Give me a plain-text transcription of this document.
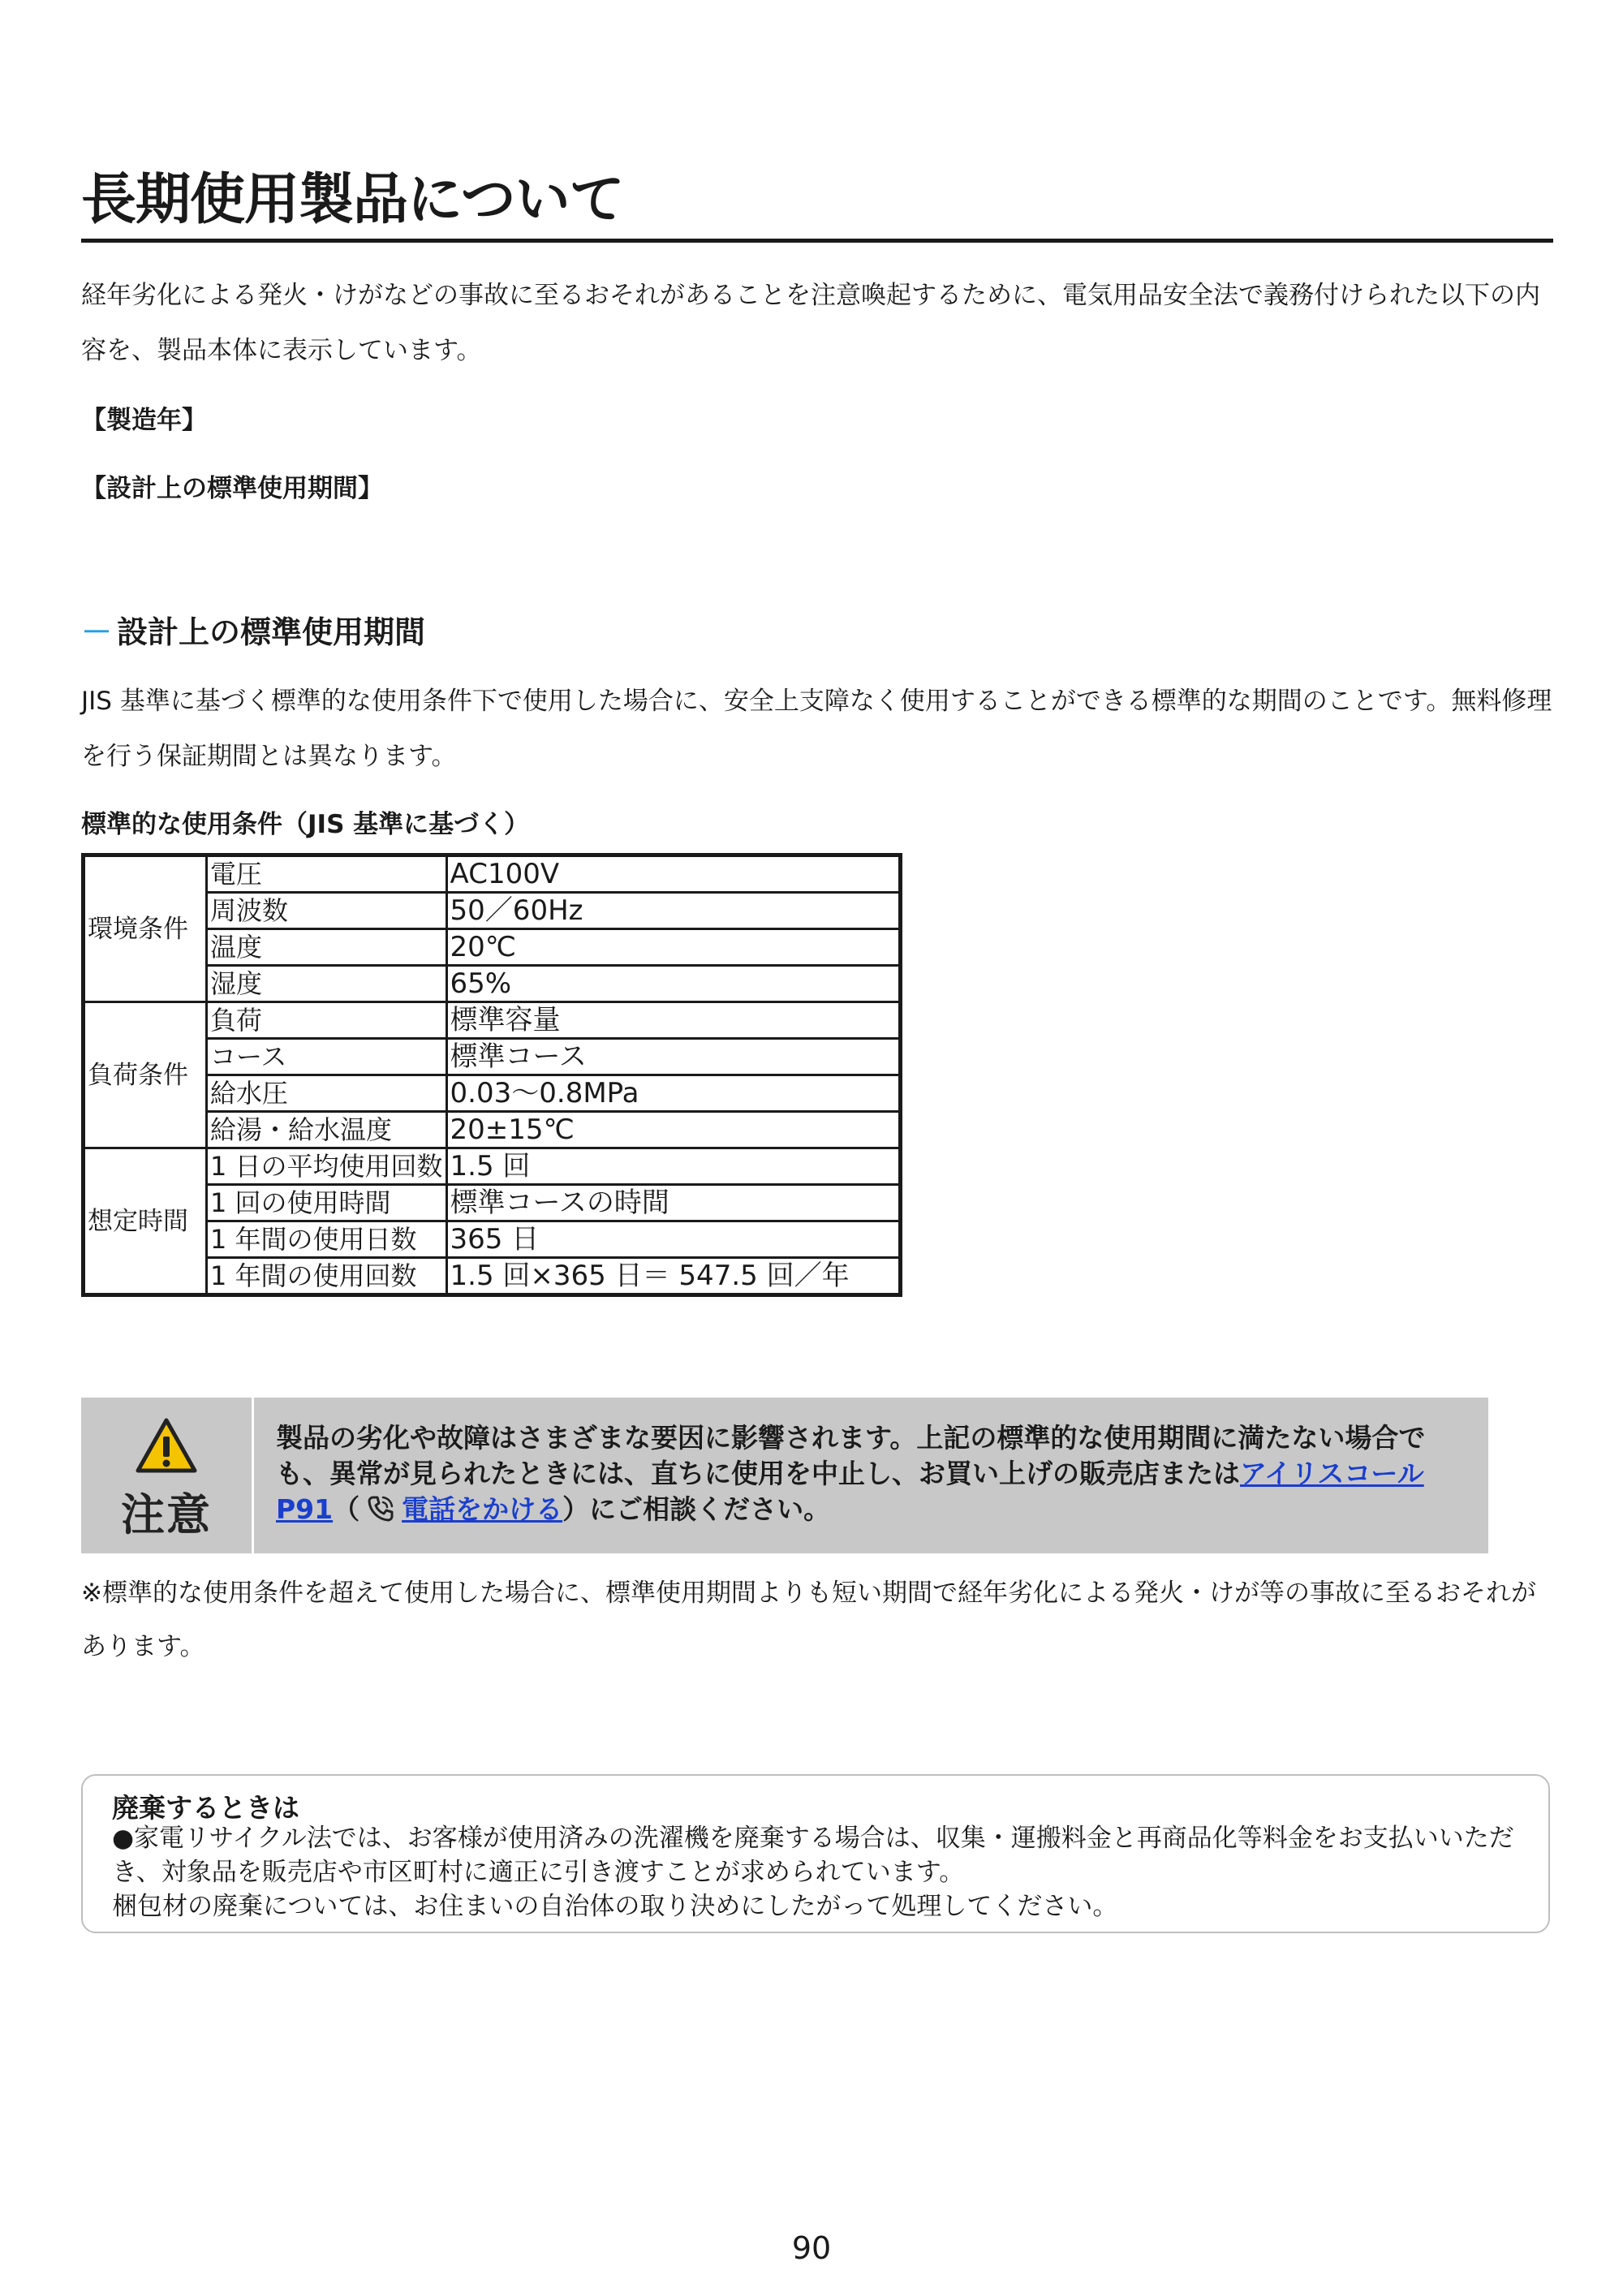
長期使用製品について
経年劣化による発火・けがなどの事故に至るおそれがあることを注意喚起するために、電気用品安全法で義務付けられた以下の内容を、製品本体に表示しています。
【製造年】
【設計上の標準使用期間】
－ 設計上の標準使用期間
JIS 基準に基づく標準的な使用条件下で使用した場合に、安全上支障なく使用することができる標準的な期間のことです。無料修理を行う保証期間とは異なります。
標準的な使用条件（JIS 基準に基づく）
環境条件	電圧	AC100V
	周波数	50／60Hz
	温度	20℃
	湿度	65%
負荷条件	負荷	標準容量
	コース	標準コース
	給水圧	0.03～0.8MPa
	給湯・給水温度	20±15℃
想定時間	1 日の平均使用回数	1.5 回
	1 回の使用時間	標準コースの時間
	1 年間の使用日数	365 日
	1 年間の使用回数	1.5 回×365 日＝ 547.5 回／年
注意
製品の劣化や故障はさまざまな要因に影響されます。上記の標準的な使用期間に満たない場合でも、異常が見られたときには、直ちに使用を中止し、お買い上げの販売店またはアイリスコール P91（ 電話をかける）にご相談ください。
※標準的な使用条件を超えて使用した場合に、標準使用期間よりも短い期間で経年劣化による発火・けが等の事故に至るおそれがあります。
廃棄するときは
●家電リサイクル法では、お客様が使用済みの洗濯機を廃棄する場合は、収集・運搬料金と再商品化等料金をお支払いいただき、対象品を販売店や市区町村に適正に引き渡すことが求められています。
梱包材の廃棄については、お住まいの自治体の取り決めにしたがって処理してください。
90
